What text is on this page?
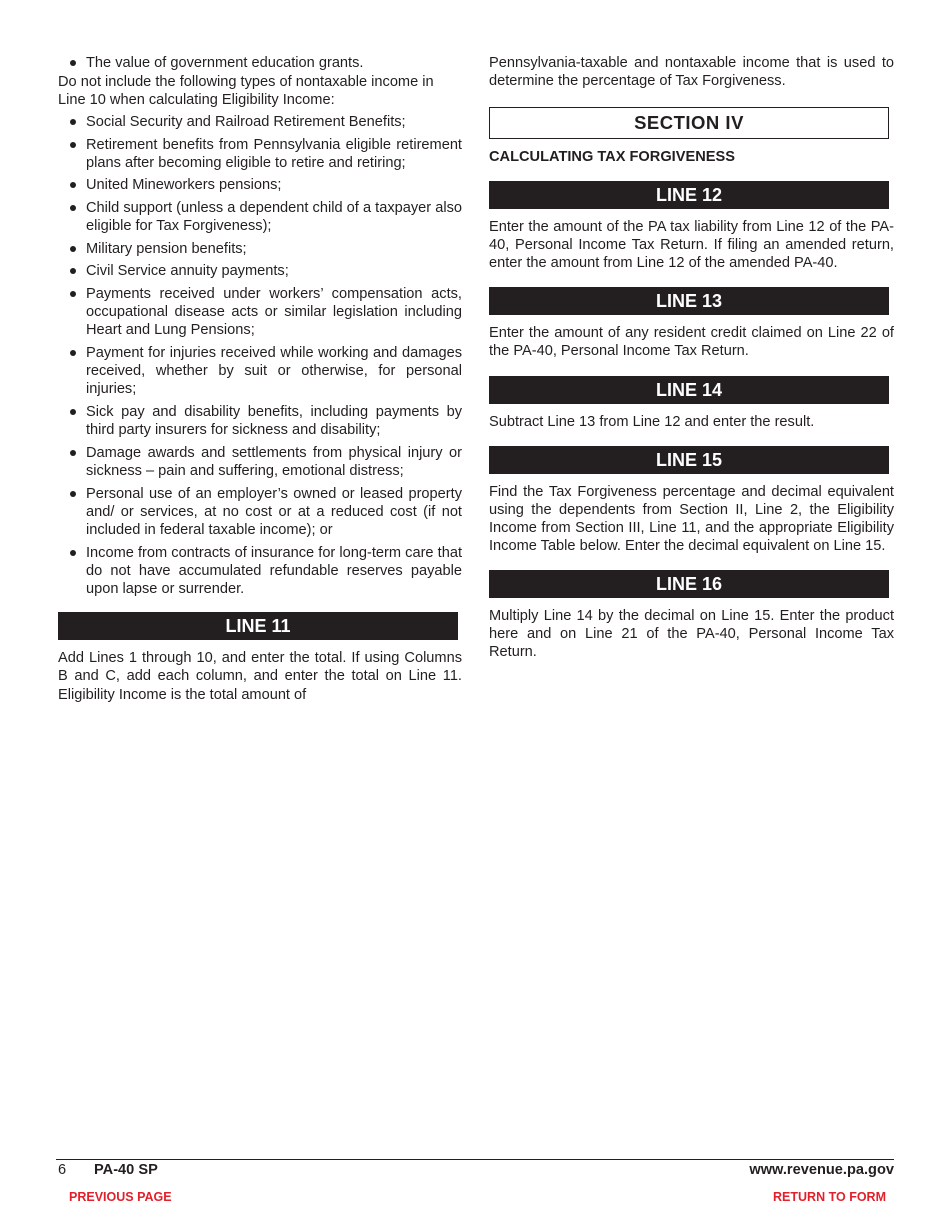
The value of government education grants.

Do not include the following types of nontaxable income in Line 10 when calculating Eligibility Income:

Social Security and Railroad Retirement Benefits;
Retirement benefits from Pennsylvania eligible retirement plans after becoming eligible to retire and retiring;
United Mineworkers pensions;
Child support (unless a dependent child of a taxpayer also eligible for Tax Forgiveness);
Military pension benefits;
Civil Service annuity payments;
Payments received under workers’ compensation acts, occupational disease acts or similar legislation including Heart and Lung Pensions;
Payment for injuries received while working and damages received, whether by suit or otherwise, for personal injuries;
Sick pay and disability benefits, including payments by third party insurers for sickness and disability;
Damage awards and settlements from physical injury or sickness – pain and suffering, emotional distress;
Personal use of an employer’s owned or leased property and/ or services, at no cost or at a reduced cost (if not included in federal taxable income); or
Income from contracts of insurance for long-term care that do not have accumulated refundable reserves payable upon lapse or surrender.
LINE 11

Add Lines 1 through 10, and enter the total. If using Columns B and C, add each column, and enter the total on Line 11. Eligibility Income is the total amount of

Pennsylvania-taxable and nontaxable income that is used to determine the percentage of Tax Forgiveness.

SECTION IV

CALCULATING TAX FORGIVENESS

LINE 12

Enter the amount of the PA tax liability from Line 12 of the PA-40, Personal Income Tax Return. If filing an amended return, enter the amount from Line 12 of the amended PA-40.

LINE 13

Enter the amount of any resident credit claimed on Line 22 of the PA-40, Personal Income Tax Return.

LINE 14

Subtract Line 13 from Line 12 and enter the result.

LINE 15

Find the Tax Forgiveness percentage and decimal equivalent using the dependents from Section II, Line 2, the Eligibility Income from Section III, Line 11, and the appropriate Eligibility Income Table below. Enter the decimal equivalent on Line 15.

LINE 16

Multiply Line 14 by the decimal on Line 15. Enter the product here and on Line 21 of the PA-40, Personal Income Tax Return.

6 PA-40 SP	www.revenue.pa.gov
PREVIOUS PAGE	RETURN TO FORM
